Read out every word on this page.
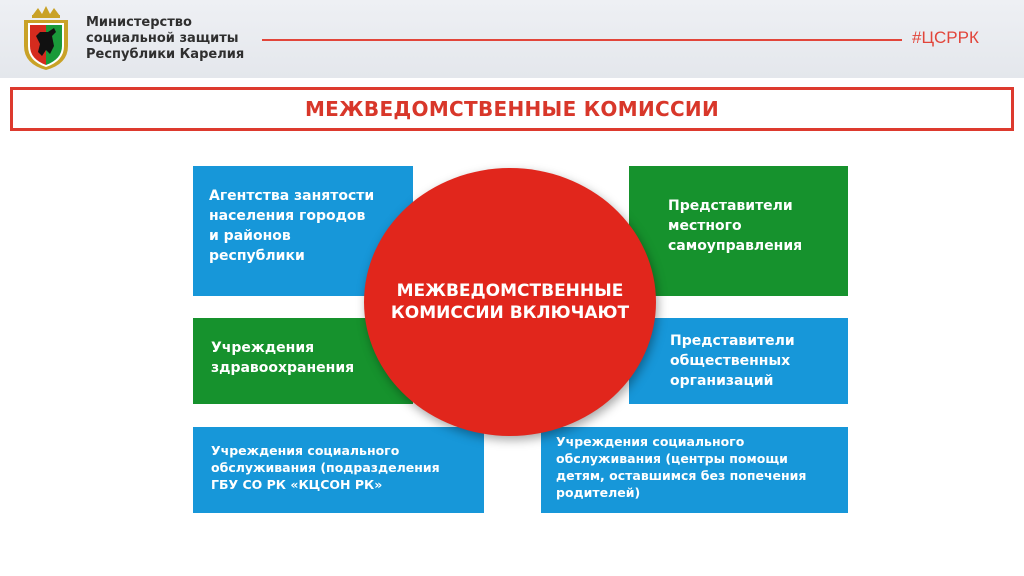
Министерство
социальной защиты
Республики Карелия
#ЦСРРК
МЕЖВЕДОМСТВЕННЫЕ КОМИССИИ
Агентства занятости
населения городов
и районов
республики
Представители
местного
самоуправления
Учреждения
здравоохранения
Представители
общественных
организаций
Учреждения социального
обслуживания (подразделения
ГБУ СО РК «КЦСОН РК»
Учреждения социального
обслуживания (центры помощи
детям, оставшимся без попечения
родителей)
МЕЖВЕДОМСТВЕННЫЕ
КОМИССИИ ВКЛЮЧАЮТ
